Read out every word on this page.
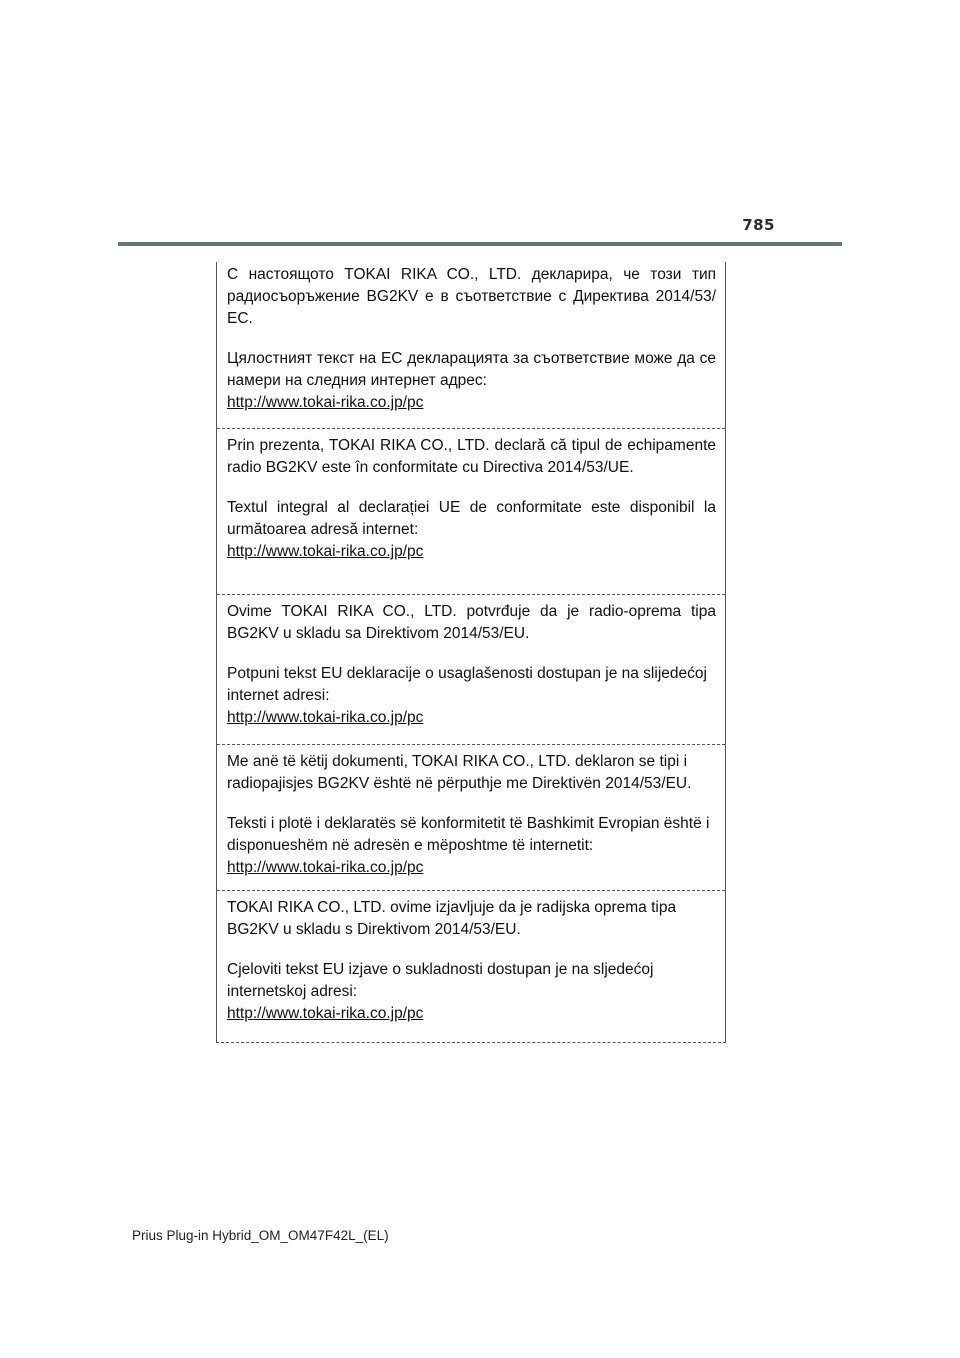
785

С настоящото TOKAI RIKA CO., LTD. декларира, че този тип радиосъоръжение BG2KV е в съответствие с Директива 2014/53/ЕС.

Цялостният текст на ЕС декларацията за съответствие може да се намери на следния интернет адрес:

http://www.tokai-rika.co.jp/pc

Prin prezenta, TOKAI RIKA CO., LTD. declară că tipul de echipamente radio BG2KV este în conformitate cu Directiva 2014/53/UE.

Textul integral al declarației UE de conformitate este disponibil la următoarea adresă internet:

http://www.tokai-rika.co.jp/pc

Ovime TOKAI RIKA CO., LTD. potvrđuje da je radio-oprema tipa BG2KV u skladu sa Direktivom 2014/53/EU.

Potpuni tekst EU deklaracije o usaglašenosti dostupan je na slijedećoj internet adresi:

http://www.tokai-rika.co.jp/pc

Me anë të këtij dokumenti, TOKAI RIKA CO., LTD. deklaron se tipi i radiopajisjes BG2KV është në përputhje me Direktivën 2014/53/EU.

Teksti i plotë i deklaratës së konformitetit të Bashkimit Evropian është i disponueshëm në adresën e mëposhtme të internetit:

http://www.tokai-rika.co.jp/pc

TOKAI RIKA CO., LTD. ovime izjavljuje da je radijska oprema tipa BG2KV u skladu s Direktivom 2014/53/EU.

Cjeloviti tekst EU izjave o sukladnosti dostupan je na sljedećoj internetskoj adresi:

http://www.tokai-rika.co.jp/pc

Prius Plug-in Hybrid_OM_OM47F42L_(EL)
